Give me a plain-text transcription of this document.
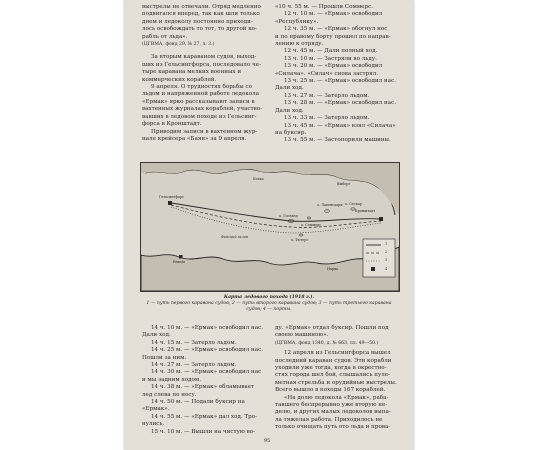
выстрелы не отвечали. Отряд медленно

подвигался вперед, так как шли только

днем и ледоколу постоянно приходи-

лось освобождать то тот, то другой ко-

рабль от льда».

(ЦГВМА, фонд 29, № 27, л. 3.)

За вторым караваном судов, выход-

ших из Гельсингфорса, последовало че-

тыре каравана мелких военных и

коммерческих кораблей.

9 апреля. О трудностях борьбы со

льдом и напряженной работе ледокола

«Ермак» ярко рассказывают записи в

вахтенных журналах кораблей, участво-

вавших в ледовом походе из Гельсинг-

форса в Кронштадт.

Приводим записи в вахтенном жур-

нале крейсера «Баян» за 9 апреля.

«10 ч. 55 м. — Прошли Соммерс.

12 ч. 10 м. — «Ермак» освободил

«Республику».

12 ч. 35 м. — «Ермак» обогнул нос

и по правому борту прошел по направ-

лению к отряду.

12 ч. 45 м. — Дали полный ход.

13 ч. 10 м. — Застряли во льду.

13 ч. 20 м. — «Ермак» освободил

«Силача». «Силач» снова застрял.

13 ч. 25 м. — «Ермак» освободил нас.

Дали ход.

13 ч. 27 м. — Затерло льдом.

13 ч. 28 м. — «Ермак» освободил нас.

Дали ход.

13 ч. 33 м. — Затерло льдом.

13 ч. 45 м. — «Ермак» взял «Силача»

на буксир.

13 ч. 55 м. — Застопорили машины.

Гельсингфорс
Кронштадт
о. Гогланд
о. Лавенсаари о. Сескар
о. Соммерс
о. Тютерс
Котка
Выборг
Ревель
Нарва
Финский залив
1
2
3
4
Карта ледового похода (1918 г.).
1 — путь первого каравана судов; 2 — путь второго каравана судов; 3 — путь третьего каравана судов; 4 — порты.

14 ч. 10 м. — «Ермак» освободил нас.

Дали ход.

14 ч. 15 м. — Затерло льдом.

14 ч. 25 м. — «Ермак» освободил нас.

Пошли за ним.

14 ч. 27 м. — Затерло льдом.

14 ч. 30 м. — «Ермак» освободил нас

и мы задним ходом.

14 ч. 38 м. — «Ермак» обламывает

лед слева по носу.

14 ч. 50 м. — Подали буксир на

«Ермак».

14 ч. 55 м. — «Ермак» дал ход. Тро-

нулись.

15 ч. 10 м. — Вышли на чистую во-

ду. «Ермак» отдал буксир. Пошли под

своею машиною».

(ЦГВМА, фонд 1340, д. № 663, лл. 49—50.)

12 апреля из Гельсингфорса вышел

последний караван судов. Эти корабли

уходили уже тогда, когда в окрестно-

стях города шел бой, слышались пуле-

метная стрельба и орудийные выстрелы.

Всего вышло в походы 167 кораблей.

«На долю ледокола «Ермак», раба-

тавшего беспрерывно уже вторую не-

делю, и других малых ледоколов выпа-

ла тяжелая работа. Приходилось не

только очищать путь ото льда и прова-

95
